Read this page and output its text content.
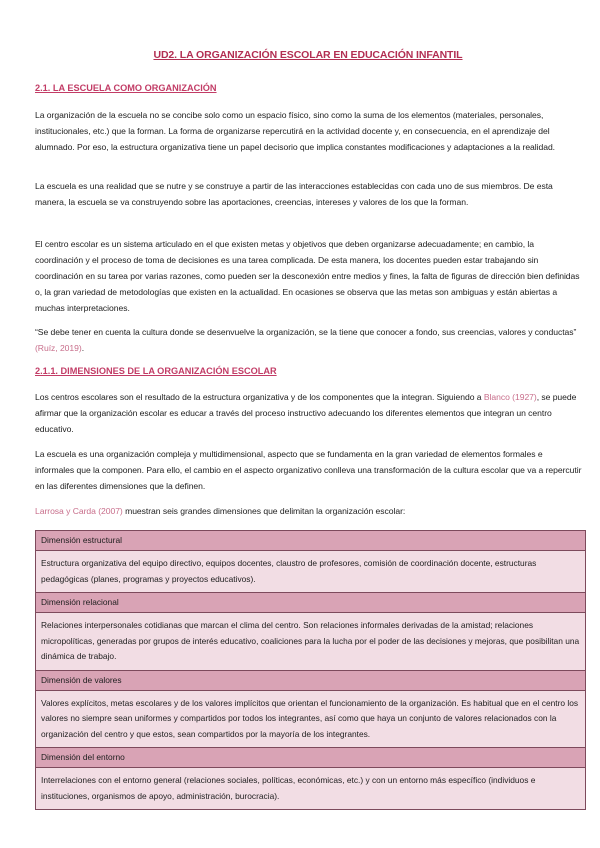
UD2. LA ORGANIZACIÓN ESCOLAR EN EDUCACIÓN INFANTIL
2.1. LA ESCUELA COMO ORGANIZACIÓN
La organización de la escuela no se concibe solo como un espacio físico, sino como la suma de los elementos (materiales, personales, institucionales, etc.) que la forman. La forma de organizarse repercutirá en la actividad docente y, en consecuencia, en el aprendizaje del alumnado. Por eso, la estructura organizativa tiene un papel decisorio que implica constantes modificaciones y adaptaciones a la realidad.
La escuela es una realidad que se nutre y se construye a partir de las interacciones establecidas con cada uno de sus miembros. De esta manera, la escuela se va construyendo sobre las aportaciones, creencias, intereses y valores de los que la forman.
El centro escolar es un sistema articulado en el que existen metas y objetivos que deben organizarse adecuadamente; en cambio, la coordinación y el proceso de toma de decisiones es una tarea complicada. De esta manera, los docentes pueden estar trabajando sin coordinación en su tarea por varias razones, como pueden ser la desconexión entre medios y fines, la falta de figuras de dirección bien definidas o, la gran variedad de metodologías que existen en la actualidad. En ocasiones se observa que las metas son ambiguas y están abiertas a muchas interpretaciones.
“Se debe tener en cuenta la cultura donde se desenvuelve la organización, se la tiene que conocer a fondo, sus creencias, valores y conductas” (Ruíz, 2019).
2.1.1. DIMENSIONES DE LA ORGANIZACIÓN ESCOLAR
Los centros escolares son el resultado de la estructura organizativa y de los componentes que la integran. Siguiendo a Blanco (1927), se puede afirmar que la organización escolar es educar a través del proceso instructivo adecuando los diferentes elementos que integran un centro educativo.
La escuela es una organización compleja y multidimensional, aspecto que se fundamenta en la gran variedad de elementos formales e informales que la componen. Para ello, el cambio en el aspecto organizativo conlleva una transformación de la cultura escolar que va a repercutir en las diferentes dimensiones que la definen.
Larrosa y Carda (2007) muestran seis grandes dimensiones que delimitan la organización escolar:
Dimensión estructural
Estructura organizativa del equipo directivo, equipos docentes, claustro de profesores, comisión de coordinación docente, estructuras pedagógicas (planes, programas y proyectos educativos).
Dimensión relacional
Relaciones interpersonales cotidianas que marcan el clima del centro. Son relaciones informales derivadas de la amistad; relaciones micropolíticas, generadas por grupos de interés educativo, coaliciones para la lucha por el poder de las decisiones y mejoras, que posibilitan una dinámica de trabajo.
Dimensión de valores
Valores explícitos, metas escolares y de los valores implícitos que orientan el funcionamiento de la organización. Es habitual que en el centro los valores no siempre sean uniformes y compartidos por todos los integrantes, así como que haya un conjunto de valores relacionados con la organización del centro y que estos, sean compartidos por la mayoría de los integrantes.
Dimensión del entorno
Interrelaciones con el entorno general (relaciones sociales, políticas, económicas, etc.) y con un entorno más específico (individuos e instituciones, organismos de apoyo, administración, burocracia).
